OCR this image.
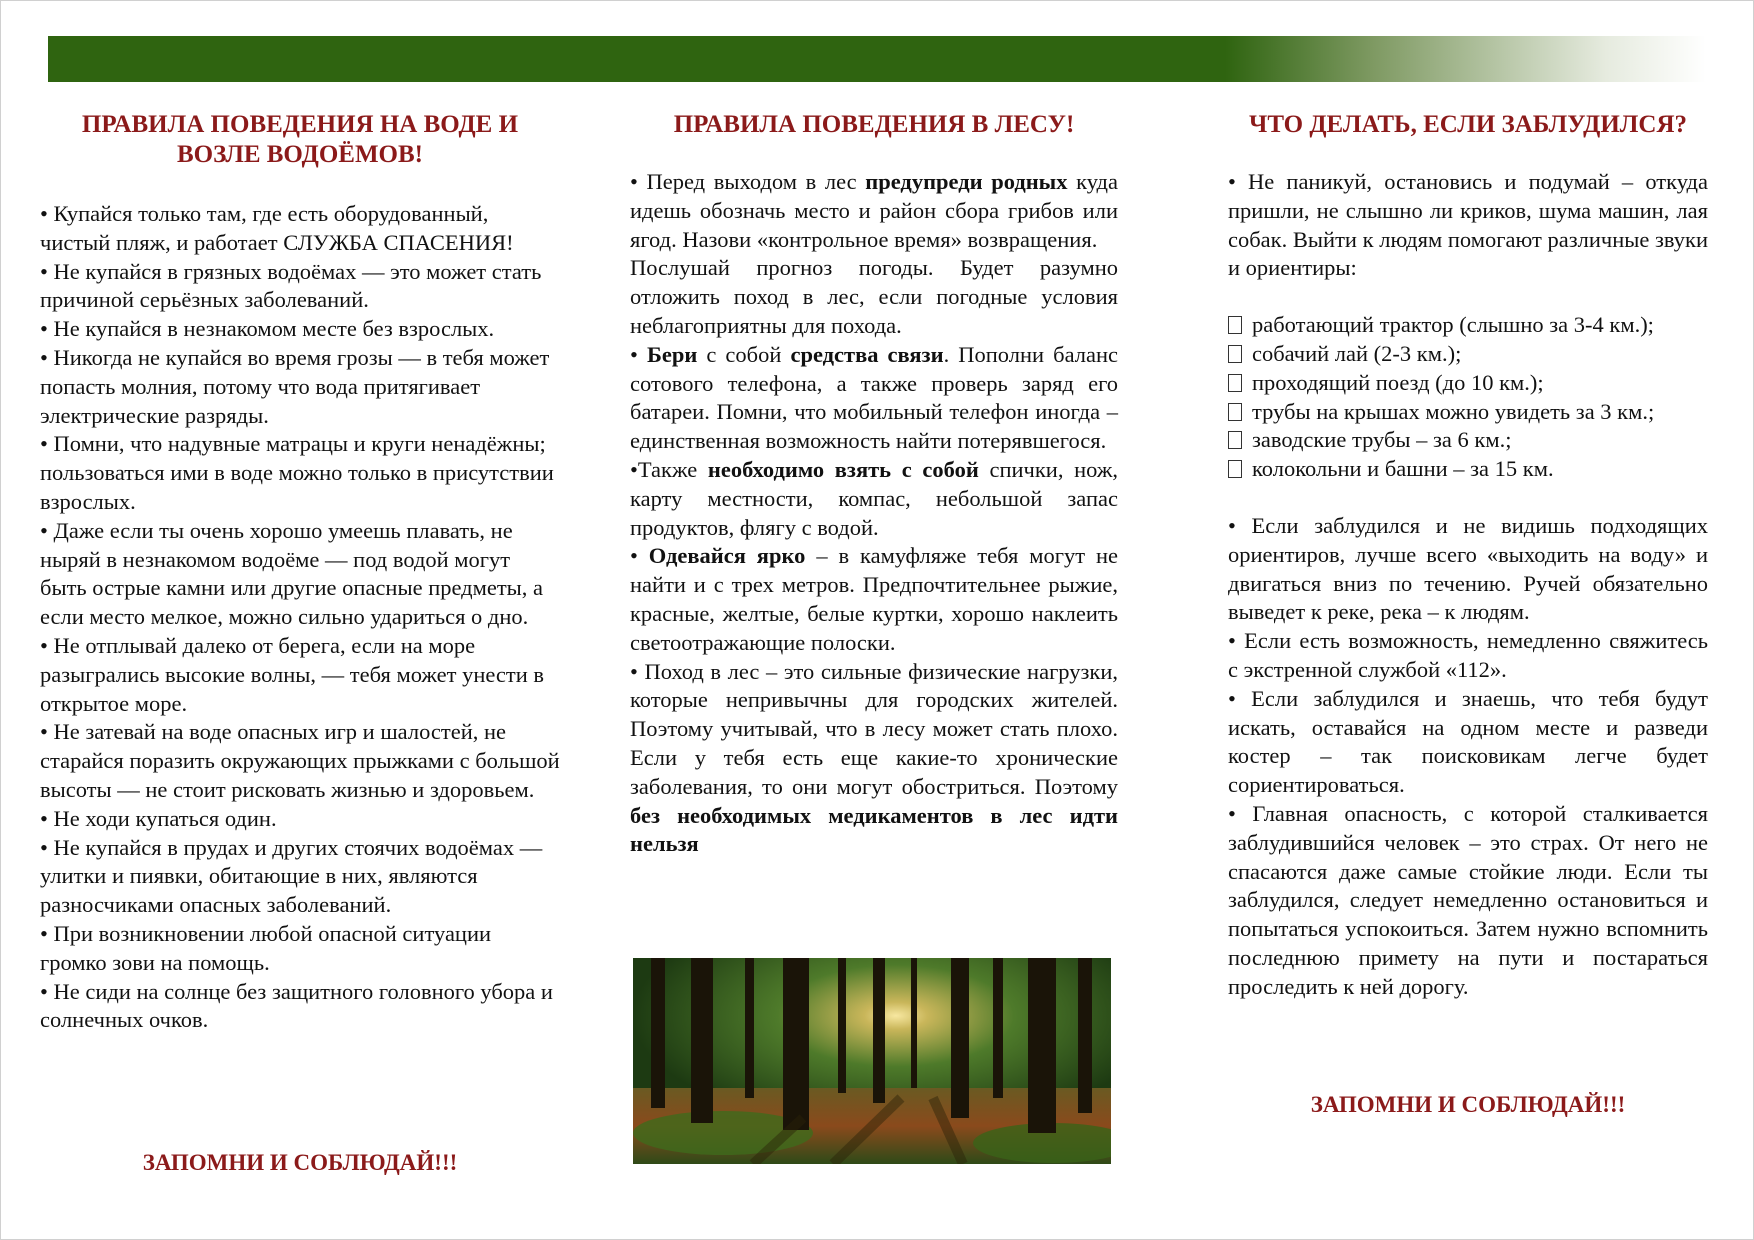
ПРАВИЛА ПОВЕДЕНИЯ НА ВОДЕ И ВОЗЛЕ ВОДОЁМОВ!

• Купайся только там, где есть оборудованный, чистый пляж, и работает СЛУЖБА СПАСЕНИЯ!

• Не купайся в грязных водоёмах — это может стать причиной серьёзных заболеваний.

• Не купайся в незнакомом месте без взрослых.

• Никогда не купайся во время грозы — в тебя может попасть молния, потому что вода притягивает электрические разряды.

• Помни, что надувные матрацы и круги ненадёжны; пользоваться ими в воде можно только в присутствии взрослых.

• Даже если ты очень хорошо умеешь плавать, не ныряй в незнакомом водоёме — под водой могут быть острые камни или другие опасные предметы, а если место мелкое, можно сильно удариться о дно.

• Не отплывай далеко от берега, если на море разыгрались высокие волны, — тебя может унести в открытое море.

• Не затевай на воде опасных игр и шалостей, не старайся поразить окружающих прыжками с большой высоты — не стоит рисковать жизнью и здоровьем.

• Не ходи купаться один.

• Не купайся в прудах и других стоячих водоёмах — улитки и пиявки, обитающие в них, являются разносчиками опасных заболеваний.

• При возникновении любой опасной ситуации громко зови на помощь.

• Не сиди на солнце без защитного головного убора и солнечных очков.

ЗАПОМНИ И СОБЛЮДАЙ!!!
ПРАВИЛА ПОВЕДЕНИЯ В ЛЕСУ!

• Перед выходом в лес предупреди родных куда идешь обозначь место и район сбора грибов или ягод. Назови «контрольное время» возвращения.

Послушай прогноз погоды. Будет разумно отложить поход в лес, если погодные условия неблагоприятны для похода.

• Бери с собой средства связи. Пополни баланс сотового телефона, а также проверь заряд его батареи. Помни, что мобильный телефон иногда – единственная возможность найти потерявшегося.

•Также необходимо взять с собой спички, нож, карту местности, компас, небольшой запас продуктов, флягу с водой.

• Одевайся ярко – в камуфляже тебя могут не найти и с трех метров. Предпочтительнее рыжие, красные, желтые, белые куртки, хорошо наклеить светоотражающие полоски.

• Поход в лес – это сильные физические нагрузки, которые непривычны для городских жителей. Поэтому учитывай, что в лесу может стать плохо. Если у тебя есть еще какие-то хронические заболевания, то они могут обостриться. Поэтому без необходимых медикаментов в лес идти нельзя

ЧТО ДЕЛАТЬ, ЕСЛИ ЗАБЛУДИЛСЯ?

• Не паникуй, остановись и подумай – откуда пришли, не слышно ли криков, шума машин, лая собак. Выйти к людям помогают различные звуки и ориентиры:

работающий трактор (слышно за 3-4 км.);

собачий лай (2-3 км.);

проходящий поезд (до 10 км.);

трубы на крышах можно увидеть за 3 км.;

заводские трубы – за 6 км.;

колокольни и башни – за 15 км.

• Если заблудился и не видишь подходящих ориентиров, лучше всего «выходить на воду» и двигаться вниз по течению. Ручей обязательно выведет к реке, река – к людям.

• Если есть возможность, немедленно свяжитесь с экстренной службой «112».

• Если заблудился и знаешь, что тебя будут искать, оставайся на одном месте и разведи костер – так поисковикам легче будет сориентироваться.

• Главная опасность, с которой сталкивается заблудившийся человек – это страх. От него не спасаются даже самые стойкие люди. Если ты заблудился, следует немедленно остановиться и попытаться успокоиться. Затем нужно вспомнить последнюю примету на пути и постараться проследить к ней дорогу.

ЗАПОМНИ И СОБЛЮДАЙ!!!
